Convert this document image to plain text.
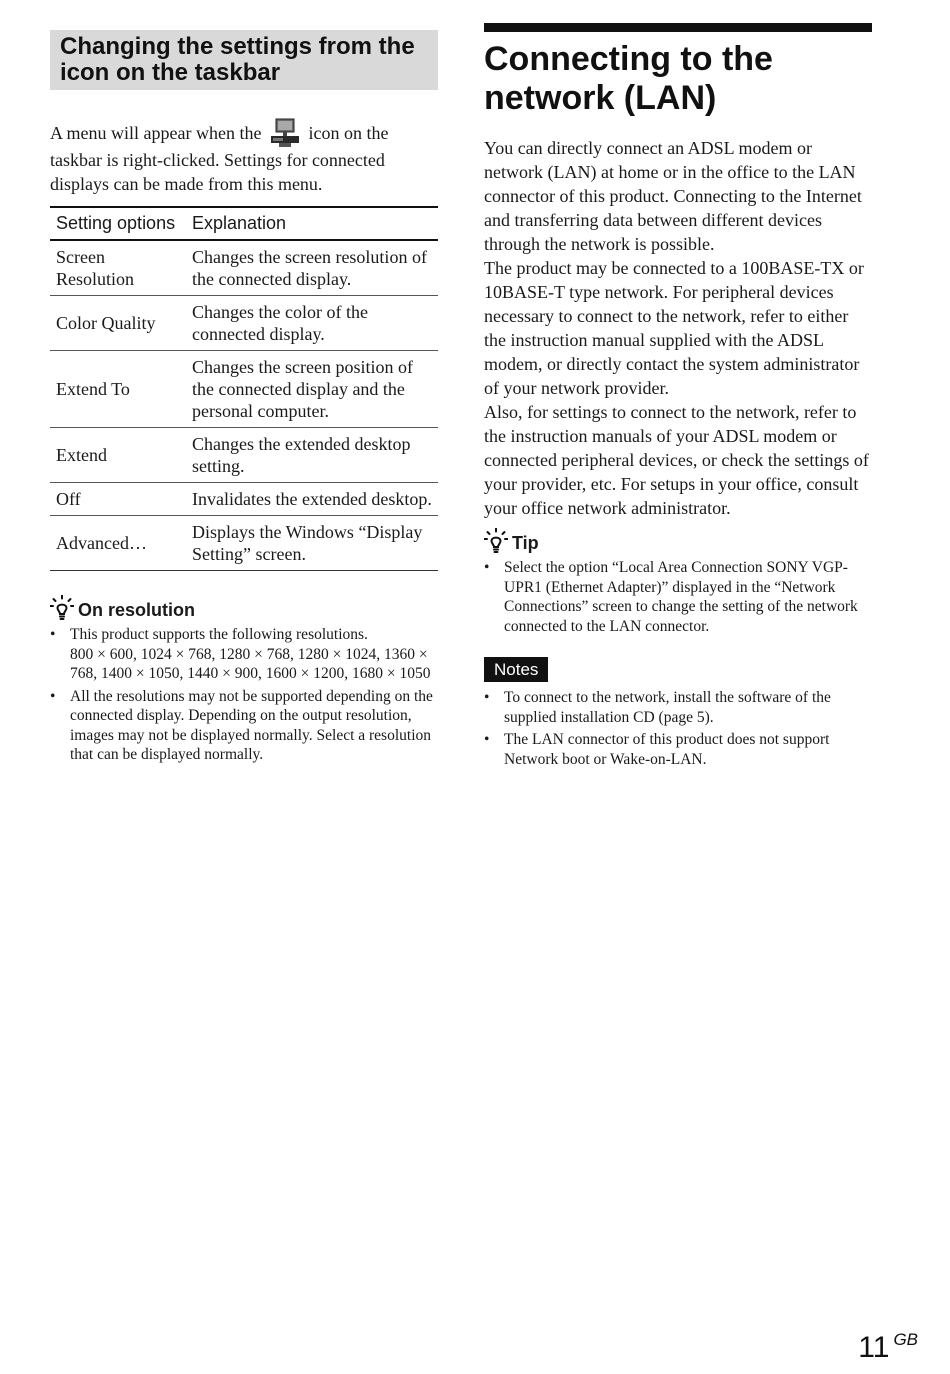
Changing the settings from the icon on the taskbar
A menu will appear when the	icon on the taskbar is right-clicked. Settings for connected displays can be made from this menu.
Setting options	Explanation
Screen Resolution	Changes the screen resolution of the connected display.
Color Quality	Changes the color of the connected display.
Extend To	Changes the screen position of the connected display and the personal computer.
Extend	Changes the extended desktop setting.
Off	Invalidates the extended desktop.
Advanced…	Displays the Windows “Display Setting” screen.
On resolution
• This product supports the following resolutions.
800 × 600, 1024 × 768, 1280 × 768, 1280 × 1024, 1360 × 768, 1400 × 1050, 1440 × 900, 1600 × 1200, 1680 × 1050
• All the resolutions may not be supported depending on the connected display. Depending on the output resolution, images may not be displayed normally. Select a resolution that can be displayed normally.
Connecting to the network (LAN)

You can directly connect an ADSL modem or network (LAN) at home or in the office to the LAN connector of this product. Connecting to the Internet and transferring data between different devices through the network is possible.

The product may be connected to a 100BASE-TX or 10BASE-T type network. For peripheral devices necessary to connect to the network, refer to either the instruction manual supplied with the ADSL modem, or directly contact the system administrator of your network provider.

Also, for settings to connect to the network, refer to the instruction manuals of your ADSL modem or connected peripheral devices, or check the settings of your provider, etc. For setups in your office, consult your office network administrator.

Tip
• Select the option “Local Area Connection SONY VGP-UPR1 (Ethernet Adapter)” displayed in the “Network Connections” screen to change the setting of the network connected to the LAN connector.
Notes
• To connect to the network, install the software of the supplied installation CD (page 5).
• The LAN connector of this product does not support Network boot or Wake-on-LAN.
11 GB
